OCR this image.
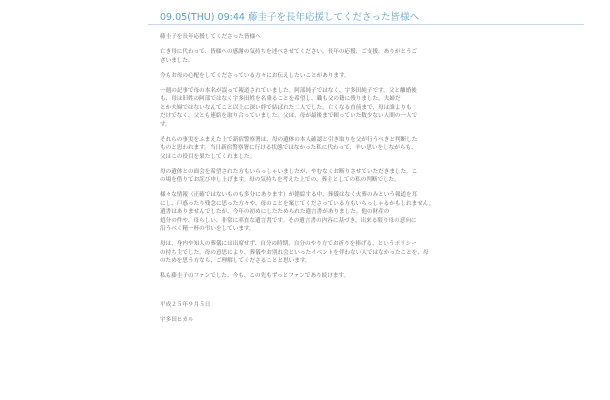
09.05(THU) 09:44 藤圭子を長年応援してくださった皆様へ

藤圭子を長年応援してくださった皆様へ

亡き母に代わって、皆様への感謝の気持ちを述べさせてください。長年の応援、ご支援、ありがとうご
ざいました。

今もお母の心配をしてくださっている方々にお伝えしたいことがあります。

一週の記事で母の本名が誤って報道されていました。阿部純子ではなく、宇多田純子です。父と離婚後
も、母は旧姓の阿部ではなく宇多田姓を名乗ることを希望し、職も父の籍に残りました。夫婦だ
とか夫婦ではないなんてこと以上に深い絆で結ばれた二人でした。亡くなる直前まで、母は誰よりも
だけでなく、父とも連絡を取り合っていました。父は、母が最後まで頼っていた数少ない人間の一人で
す。

それらの事実をふまえた上で新宿警察署は、母の遺体の本人確認と引き取りを父が行うべきと判断した
ものと思われます。当日新宿警察署に行ける状態ではなかった私に代わって、辛い思いをしながらも、
父はこの役目を果たしてくれました。

母の遺体との面会を希望された方もいらっしゃいましたが、やむなくお断りさせていただきました。こ
の場を借りてお詫び申し上げます。母の気持ちを考えた上での、葬主としての私の判断でした。

様々な情報（正確ではないものも多分にあります）が錯綜する中、葬儀はなく火葬のみという報道を耳
にし、戸惑ったり残念に思った方々や、母のことを案じてくださっている方もいらっしゃるかもしれません。
遺書はありませんでしたが、今年の初めにしたためられた遺言書がありました。他の財産の
処分の件や、母らしい、非常に率直な遺言書です。その遺言書の内容に基づき、出来る限り母の意向に
沿うべく精一杯の弔いをしています。

母は、身内や知人の葬儀には出席せず、自分の時期、自分のやり方でお祈りを捧げる、というポリシー
の持ち主でした。母の意思により、葬儀やお別れ会といったイベントを伴わない人ではなかったことを、母
のためを思う方なら、ご理解してくださることと思います。

私も藤圭子のファンでした。今も、この先もずっとファンであり続けます。

平成２５年９月５日

宇多田ヒカル
